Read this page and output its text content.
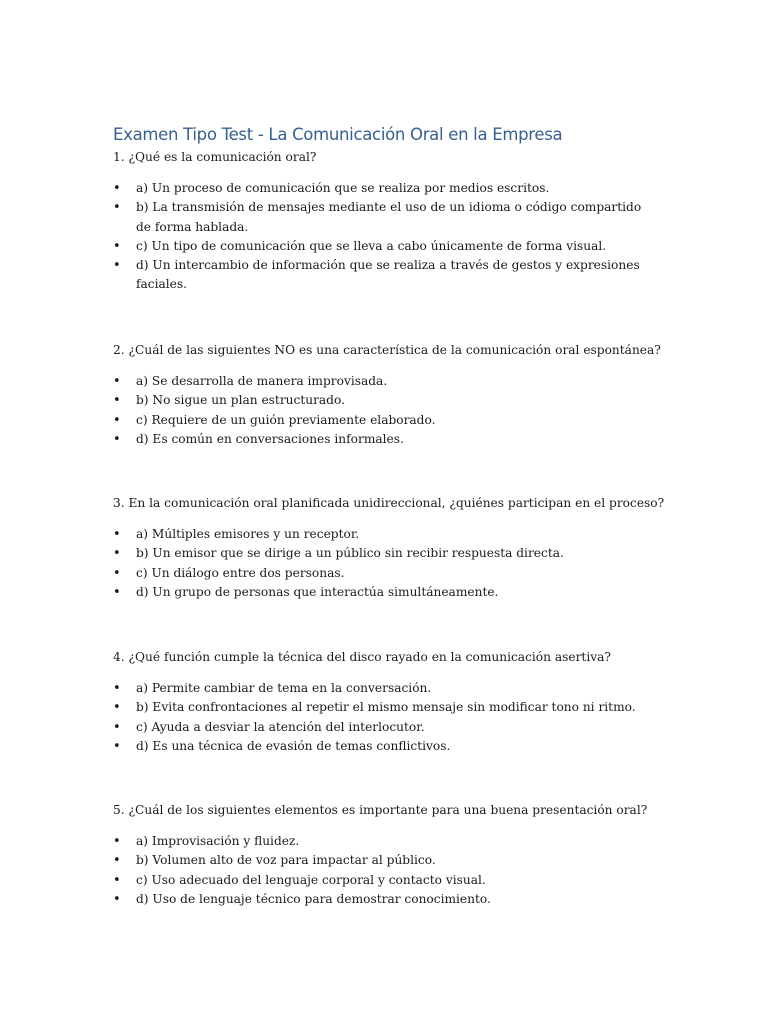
Examen Tipo Test - La Comunicación Oral en la Empresa

1. ¿Qué es la comunicación oral?

• a) Un proceso de comunicación que se realiza por medios escritos.
• b) La transmisión de mensajes mediante el uso de un idioma o código compartido de forma hablada.
• c) Un tipo de comunicación que se lleva a cabo únicamente de forma visual.
• d) Un intercambio de información que se realiza a través de gestos y expresiones faciales.

2. ¿Cuál de las siguientes NO es una característica de la comunicación oral espontánea?

• a) Se desarrolla de manera improvisada.
• b) No sigue un plan estructurado.
• c) Requiere de un guión previamente elaborado.
• d) Es común en conversaciones informales.

3. En la comunicación oral planificada unidireccional, ¿quiénes participan en el proceso?

• a) Múltiples emisores y un receptor.
• b) Un emisor que se dirige a un público sin recibir respuesta directa.
• c) Un diálogo entre dos personas.
• d) Un grupo de personas que interactúa simultáneamente.

4. ¿Qué función cumple la técnica del disco rayado en la comunicación asertiva?

• a) Permite cambiar de tema en la conversación.
• b) Evita confrontaciones al repetir el mismo mensaje sin modificar tono ni ritmo.
• c) Ayuda a desviar la atención del interlocutor.
• d) Es una técnica de evasión de temas conflictivos.

5. ¿Cuál de los siguientes elementos es importante para una buena presentación oral?

• a) Improvisación y fluidez.
• b) Volumen alto de voz para impactar al público.
• c) Uso adecuado del lenguaje corporal y contacto visual.
• d) Uso de lenguaje técnico para demostrar conocimiento.
